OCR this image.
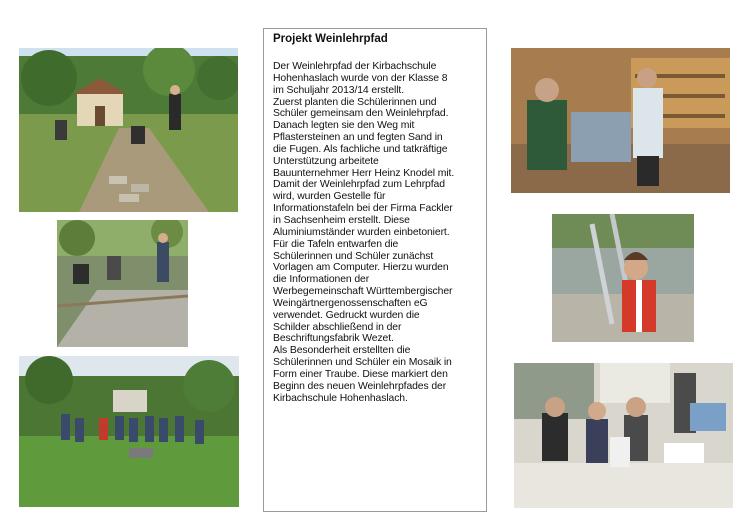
Projekt Weinlehrpfad

Der Weinlehrpfad der Kirbachschule
Hohenhaslach wurde von der Klasse 8
im Schuljahr 2013/14 erstellt.
Zuerst planten die Schülerinnen und
Schüler gemeinsam den Weinlehrpfad.
Danach legten sie den Weg mit
Pflastersteinen an und fegten Sand in
die Fugen. Als fachliche und tatkräftige
Unterstützung arbeitete
Bauunternehmer Herr Heinz Knodel mit.
Damit der Weinlehrpfad zum Lehrpfad
wird, wurden Gestelle für
Informationstafeln bei der Firma Fackler
in Sachsenheim erstellt. Diese
Aluminiumständer wurden einbetoniert.
Für die Tafeln entwarfen die
Schülerinnen und Schüler zunächst
Vorlagen am Computer. Hierzu wurden
die Informationen der
Werbegemeinschaft Württembergischer
Weingärtnergenossenschaften eG
verwendet. Gedruckt wurden die
Schilder abschließend in der
Beschriftungsfabrik Wezet.
Als Besonderheit erstellten die
Schülerinnen und Schüler ein Mosaik in
Form einer Traube. Diese markiert den
Beginn des neuen Weinlehrpfades der
Kirbachschule Hohenhaslach.
